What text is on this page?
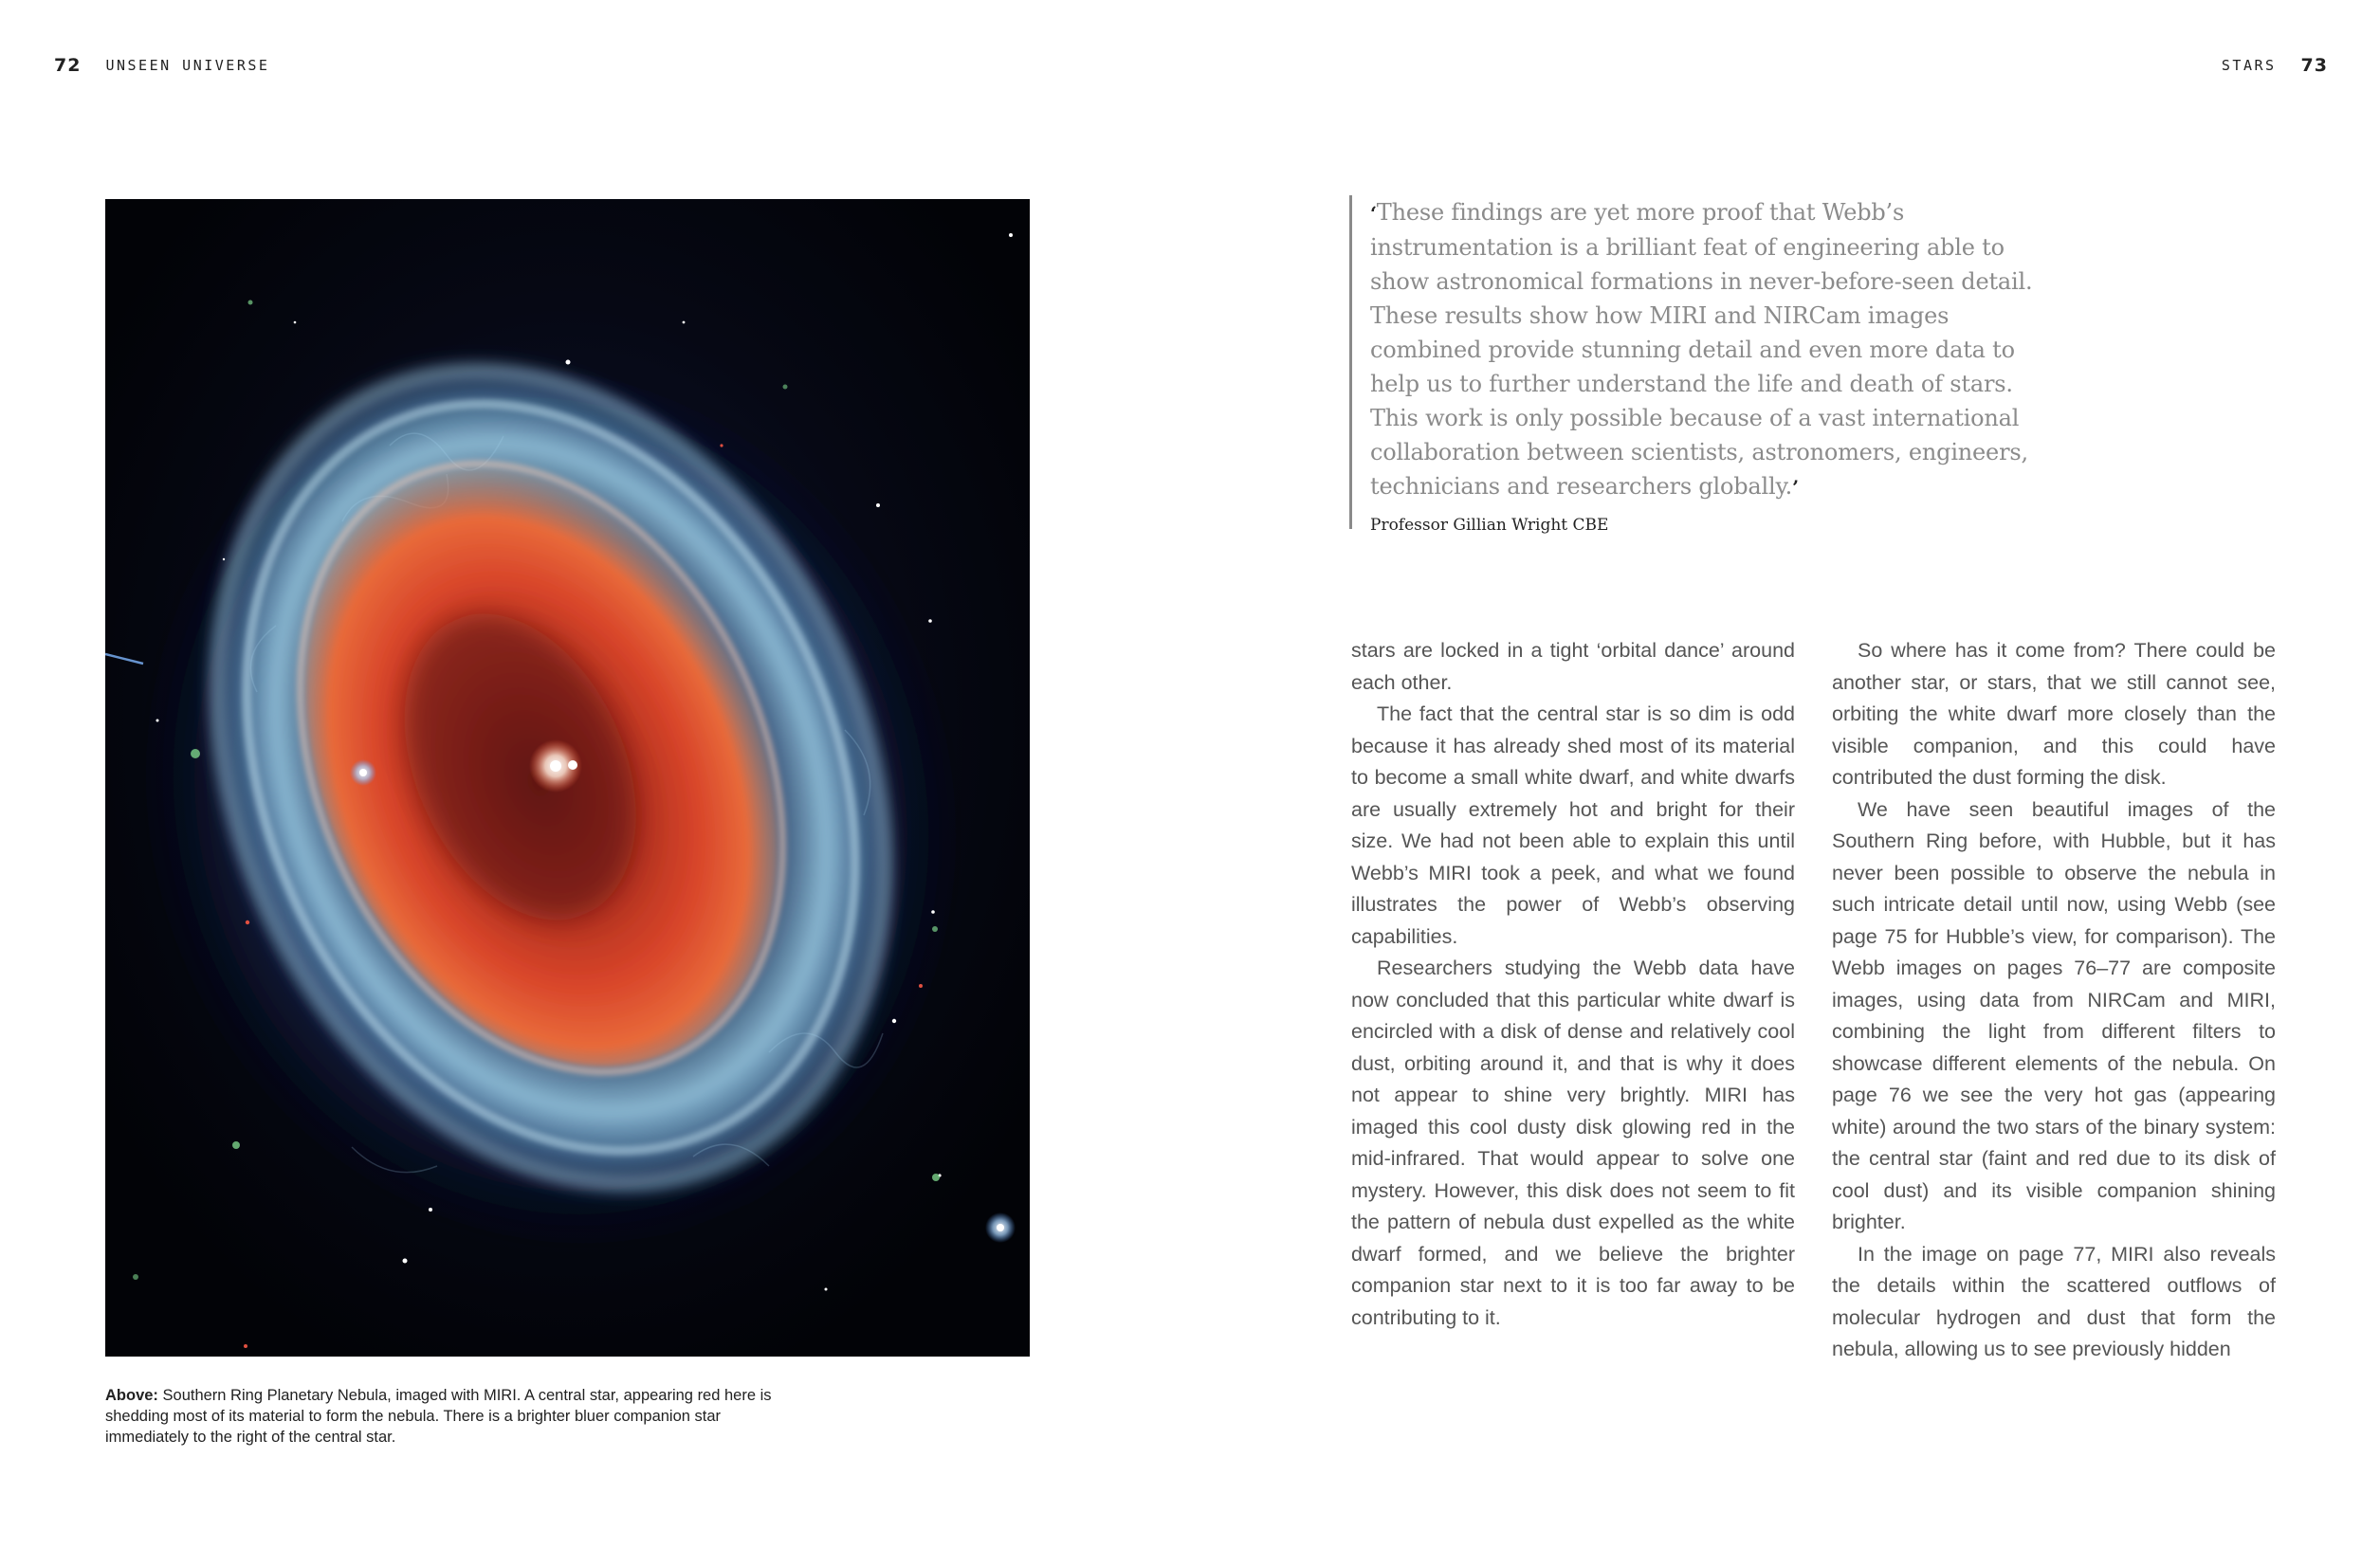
72 UNSEEN UNIVERSE	STARS 73
Above: Southern Ring Planetary Nebula, imaged with MIRI. A central star, appearing red here is shedding most of its material to form the nebula. There is a brighter bluer companion star immediately to the right of the central star.

‘These findings are yet more proof that Webb’s instrumentation is a brilliant feat of engineering able to show astronomical formations in never-before-seen detail. These results show how MIRI and NIRCam images combined provide stunning detail and even more data to help us to further understand the life and death of stars. This work is only possible because of a vast international collaboration between scientists, astronomers, engineers, technicians and researchers globally.’

Professor Gillian Wright CBE

stars are locked in a tight ‘orbital dance’ around each other.

The fact that the central star is so dim is odd because it has already shed most of its material to become a small white dwarf, and white dwarfs are usually extremely hot and bright for their size. We had not been able to explain this until Webb’s MIRI took a peek, and what we found illustrates the power of Webb’s observing capabilities.

Researchers studying the Webb data have now concluded that this particular white dwarf is encircled with a disk of dense and relatively cool dust, orbiting around it, and that is why it does not appear to shine very brightly. MIRI has imaged this cool dusty disk glowing red in the mid-infrared. That would appear to solve one mystery. However, this disk does not seem to fit the pattern of nebula dust expelled as the white dwarf formed, and we believe the brighter companion star next to it is too far away to be contributing to it.

So where has it come from? There could be another star, or stars, that we still cannot see, orbiting the white dwarf more closely than the visible companion, and this could have contributed the dust forming the disk.

We have seen beautiful images of the Southern Ring before, with Hubble, but it has never been possible to observe the nebula in such intricate detail until now, using Webb (see page 75 for Hubble’s view, for comparison). The Webb images on pages 76–77 are composite images, using data from NIRCam and MIRI, combining the light from different filters to showcase different elements of the nebula. On page 76 we see the very hot gas (appearing white) around the two stars of the binary system: the central star (faint and red due to its disk of cool dust) and its visible companion shining brighter.

In the image on page 77, MIRI also reveals the details within the scattered outflows of molecular hydrogen and dust that form the nebula, allowing us to see previously hidden
